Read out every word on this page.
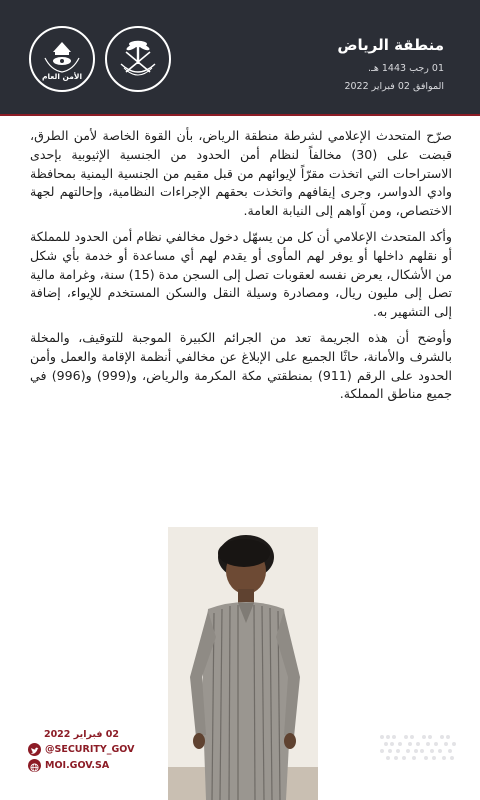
الأمن العام
منطقة الرياض
01 رجب 1443 هـ.
الموافق 02 فبراير 2022

صرّح المتحدث الإعلامي لشرطة منطقة الرياض، بأن القوة الخاصة لأمن الطرق، قبضت على (30) مخالفاً لنظام أمن الحدود من الجنسية الإثيوبية بإحدى الاستراحات التي اتخذت مقرّاً لإيوائهم من قبل مقيم من الجنسية اليمنية بمحافظة وادي الدواسر، وجرى إيقافهم واتخذت بحقهم الإجراءات النظامية، وإحالتهم لجهة الاختصاص، ومن آواهم إلى النيابة العامة.

وأكد المتحدث الإعلامي أن كل من يسهّل دخول مخالفي نظام أمن الحدود للمملكة أو نقلهم داخلها أو يوفر لهم المأوى أو يقدم لهم أي مساعدة أو خدمة بأي شكل من الأشكال، يعرض نفسه لعقوبات تصل إلى السجن مدة (15) سنة، وغرامة مالية تصل إلى مليون ريال، ومصادرة وسيلة النقل والسكن المستخدم للإيواء، إضافة إلى التشهير به.

وأوضح أن هذه الجريمة تعد من الجرائم الكبيرة الموجبة للتوقيف، والمخلة بالشرف والأمانة، حاثًا الجميع على الإبلاغ عن مخالفي أنظمة الإقامة والعمل وأمن الحدود على الرقم (911) بمنطقتي مكة المكرمة والرياض، و(999) و(996) في جميع مناطق المملكة.

02 فبراير 2022
@SECURITY_GOV
MOI.GOV.SA
